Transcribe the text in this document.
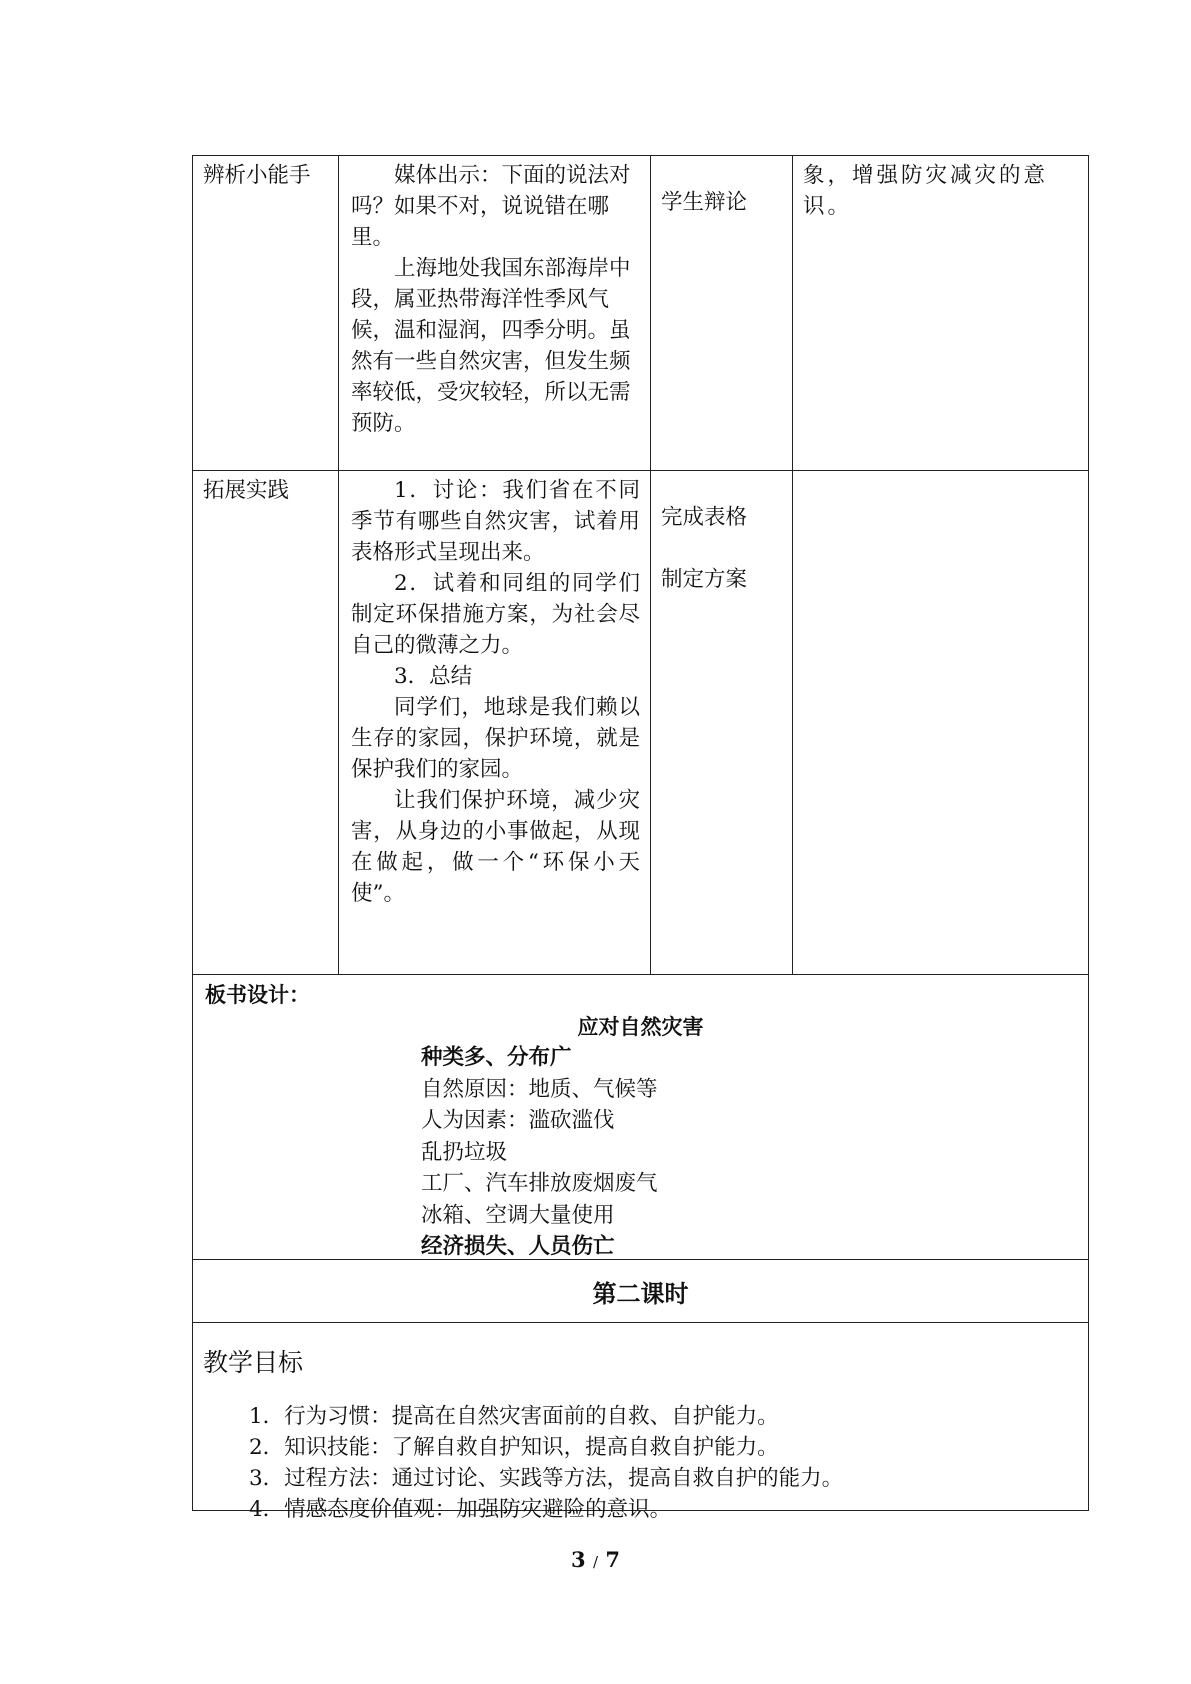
辨析小能手	媒体出示：下面的说法对吗？如果不对，说说错在哪里。

上海地处我国东部海岸中段，属亚热带海洋性季风气候，温和湿润，四季分明。虽然有一些自然灾害，但发生频率较低，受灾较轻，所以无需预防。

学生辩论

象，增强防灾减灾的意识。

拓展实践	1．讨论：我们省在不同季节有哪些自然灾害，试着用表格形式呈现出来。

2．试着和同组的同学们制定环保措施方案，为社会尽自己的微薄之力。

3．总结

同学们，地球是我们赖以生存的家园，保护环境，就是保护我们的家园。

让我们保护环境，减少灾害，从身边的小事做起，从现在做起，做一个“环保小天使”。

完成表格

制定方案

板书设计：
应对自然灾害
种类多、分布广
自然原因：地质、气候等
人为因素：滥砍滥伐
乱扔垃圾
工厂、汽车排放废烟废气
冰箱、空调大量使用
经济损失、人员伤亡
第二课时
教学目标
1．行为习惯：提高在自然灾害面前的自救、自护能力。
2．知识技能：了解自救自护知识，提高自救自护能力。
3．过程方法：通过讨论、实践等方法，提高自救自护的能力。
4．情感态度价值观：加强防灾避险的意识。
3 / 7
